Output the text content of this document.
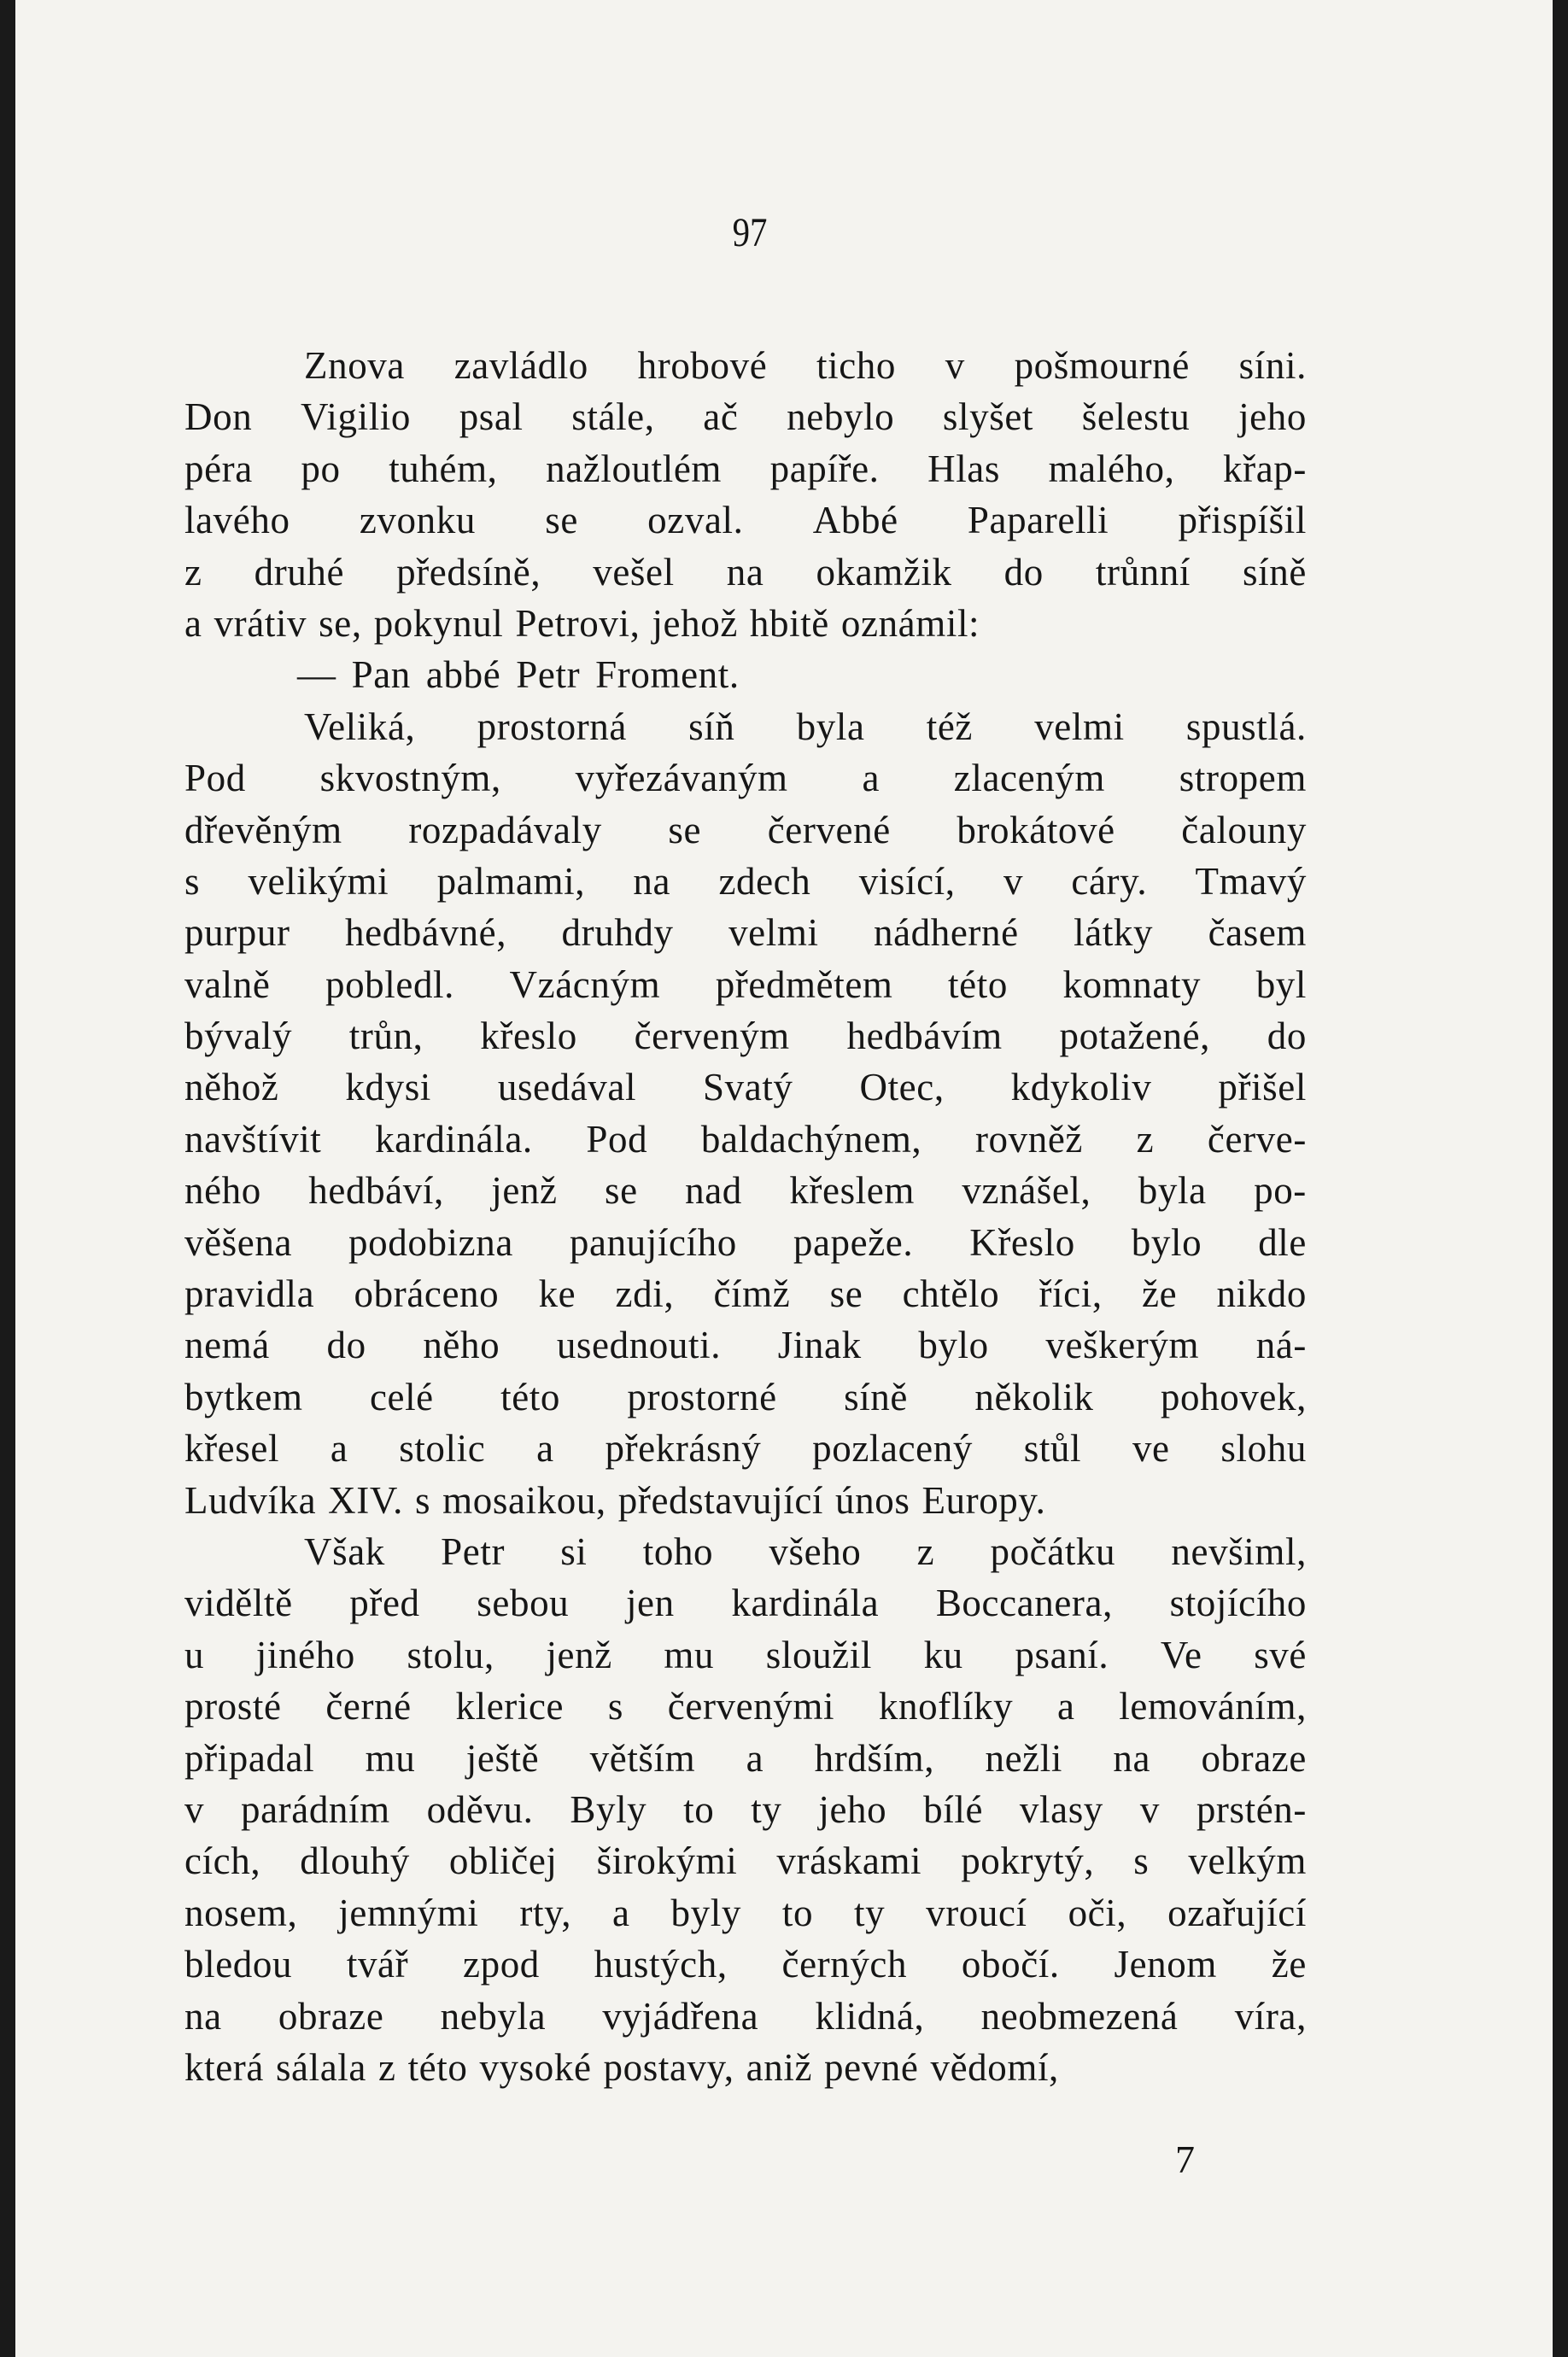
97
Znova zavládlo hrobové ticho v pošmourné síni.
Don Vigilio psal stále, ač nebylo slyšet šelestu jeho
péra po tuhém, nažloutlém papíře. Hlas malého, křap-
lavého zvonku se ozval. Abbé Paparelli přispíšil
z druhé předsíně, vešel na okamžik do trůnní síně
a vrátiv se, pokynul Petrovi, jehož hbitě oznámil:
— Pan abbé Petr Froment.
Veliká, prostorná síň byla též velmi spustlá.
Pod skvostným, vyřezávaným a zlaceným stropem
dřevěným rozpadávaly se červené brokátové čalouny
s velikými palmami, na zdech visící, v cáry. Tmavý
purpur hedbávné, druhdy velmi nádherné látky časem
valně pobledl. Vzácným předmětem této komnaty byl
bývalý trůn, křeslo červeným hedbávím potažené, do
něhož kdysi usedával Svatý Otec, kdykoliv přišel
navštívit kardinála. Pod baldachýnem, rovněž z červe-
ného hedbáví, jenž se nad křeslem vznášel, byla po-
věšena podobizna panujícího papeže. Křeslo bylo dle
pravidla obráceno ke zdi, čímž se chtělo říci, že nikdo
nemá do něho usednouti. Jinak bylo veškerým ná-
bytkem celé této prostorné síně několik pohovek,
křesel a stolic a překrásný pozlacený stůl ve slohu
Ludvíka XIV. s mosaikou, představující únos Europy.
Však Petr si toho všeho z počátku nevšiml,
viděltě před sebou jen kardinála Boccanera, stojícího
u jiného stolu, jenž mu sloužil ku psaní. Ve své
prosté černé klerice s červenými knoflíky a lemováním,
připadal mu ještě větším a hrdším, nežli na obraze
v parádním oděvu. Byly to ty jeho bílé vlasy v prstén-
cích, dlouhý obličej širokými vráskami pokrytý, s velkým
nosem, jemnými rty, a byly to ty vroucí oči, ozařující
bledou tvář zpod hustých, černých obočí. Jenom že
na obraze nebyla vyjádřena klidná, neobmezená víra,
která sálala z této vysoké postavy, aniž pevné vědomí,
7
